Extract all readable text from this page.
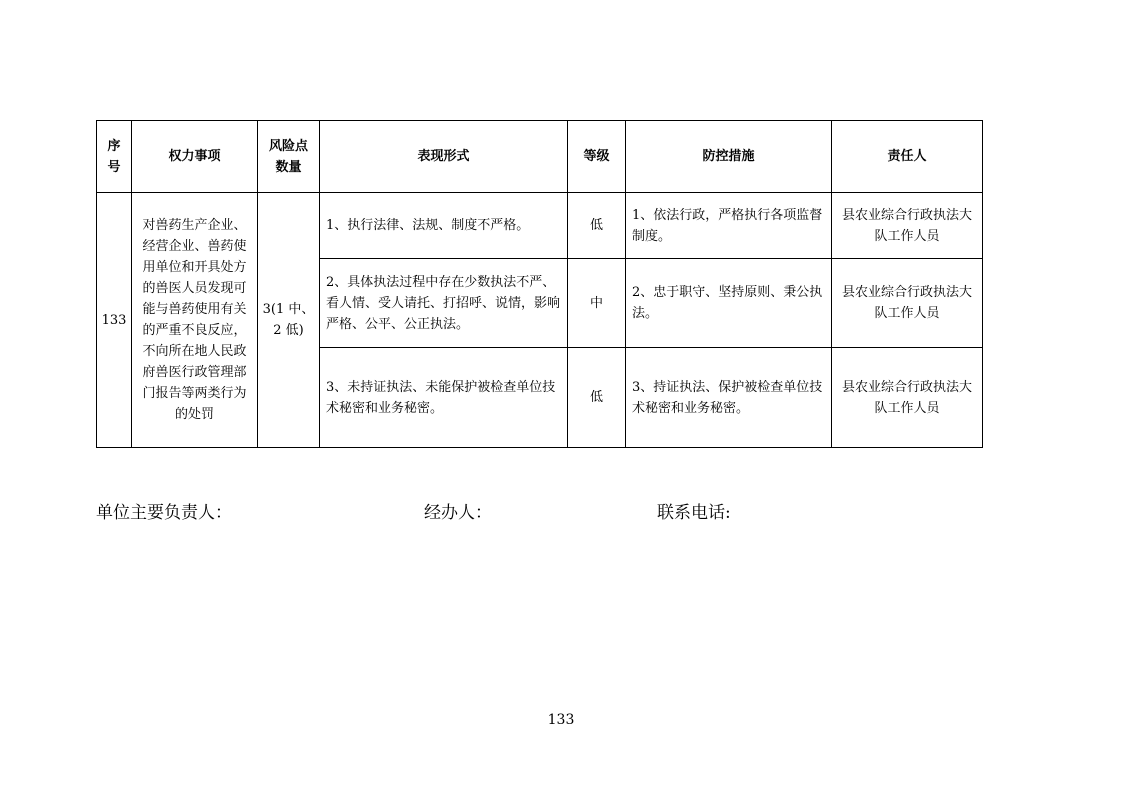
序号	权力事项	风险点数量	表现形式	等级	防控措施	责任人

133	对兽药生产企业、经营企业、兽药使用单位和开具处方的兽医人员发现可能与兽药使用有关的严重不良反应，不向所在地人民政府兽医行政管理部门报告等两类行为的处罚	3(1 中、2 低)	1、执行法律、法规、制度不严格。	低	1、依法行政，严格执行各项监督制度。	县农业综合行政执法大队工作人员

			2、具体执法过程中存在少数执法不严、看人情、受人请托、打招呼、说情，影响严格、公平、公正执法。	中	2、忠于职守、坚持原则、秉公执法。	县农业综合行政执法大队工作人员

			3、未持证执法、未能保护被检查单位技术秘密和业务秘密。	低	3、持证执法、保护被检查单位技术秘密和业务秘密。	县农业综合行政执法大队工作人员
单位主要负责人：	经办人：	联系电话:
133
